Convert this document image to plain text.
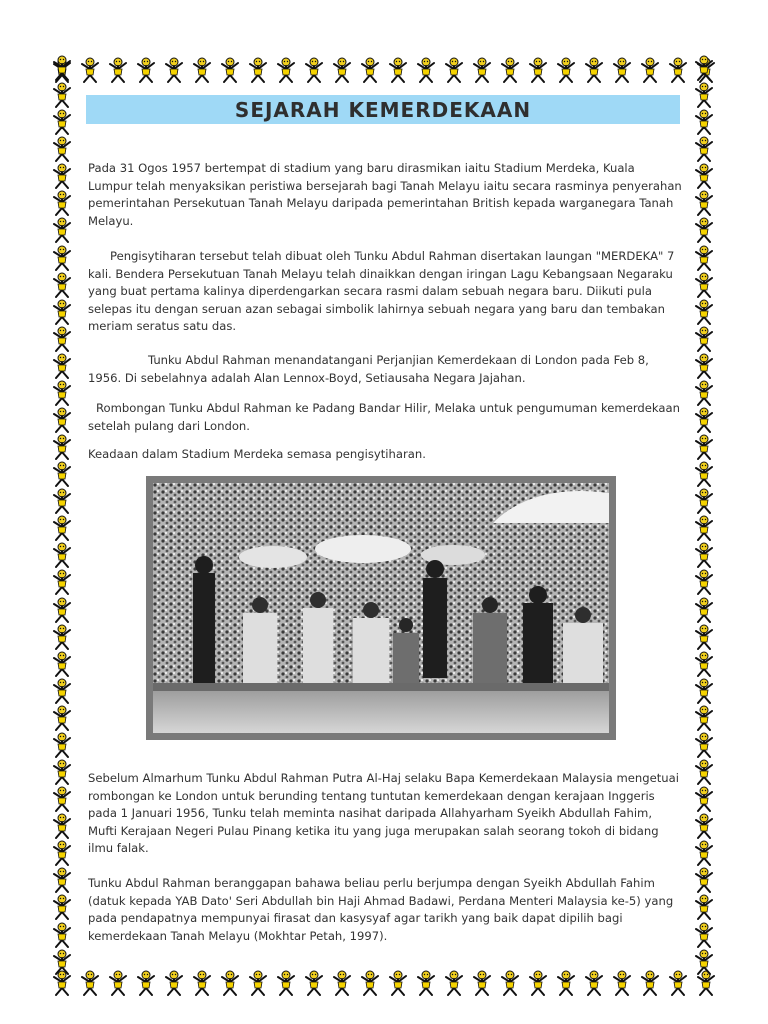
SEJARAH KEMERDEKAAN

Pada 31 Ogos 1957 bertempat di stadium yang baru dirasmikan iaitu Stadium Merdeka, Kuala Lumpur telah menyaksikan peristiwa bersejarah bagi Tanah Melayu iaitu secara rasminya penyerahan pemerintahan Persekutuan Tanah Melayu daripada pemerintahan British kepada warganegara Tanah Melayu.

Pengisytiharan tersebut telah dibuat oleh Tunku Abdul Rahman disertakan laungan "MERDEKA" 7 kali. Bendera Persekutuan Tanah Melayu telah dinaikkan dengan iringan Lagu Kebangsaan Negaraku yang buat pertama kalinya diperdengarkan secara rasmi dalam sebuah negara baru. Diikuti pula selepas itu dengan seruan azan sebagai simbolik lahirnya sebuah negara yang baru dan tembakan meriam seratus satu das.

Tunku Abdul Rahman menandatangani Perjanjian Kemerdekaan di London pada Feb 8, 1956. Di sebelahnya adalah Alan Lennox-Boyd, Setiausaha Negara Jajahan.

Rombongan Tunku Abdul Rahman ke Padang Bandar Hilir, Melaka untuk pengumuman kemerdekaan setelah pulang dari London.

Keadaan dalam Stadium Merdeka semasa pengisytiharan.

Sebelum Almarhum Tunku Abdul Rahman Putra Al-Haj selaku Bapa Kemerdekaan Malaysia mengetuai rombongan ke London untuk berunding tentang tuntutan kemerdekaan dengan kerajaan Inggeris pada 1 Januari 1956, Tunku telah meminta nasihat daripada Allahyarham Syeikh Abdullah Fahim, Mufti Kerajaan Negeri Pulau Pinang ketika itu yang juga merupakan salah seorang tokoh di bidang ilmu falak.

Tunku Abdul Rahman beranggapan bahawa beliau perlu berjumpa dengan Syeikh Abdullah Fahim (datuk kepada YAB Dato' Seri Abdullah bin Haji Ahmad Badawi, Perdana Menteri Malaysia ke-5) yang pada pendapatnya mempunyai firasat dan kasysyaf agar tarikh yang baik dapat dipilih bagi kemerdekaan Tanah Melayu (Mokhtar Petah, 1997).
